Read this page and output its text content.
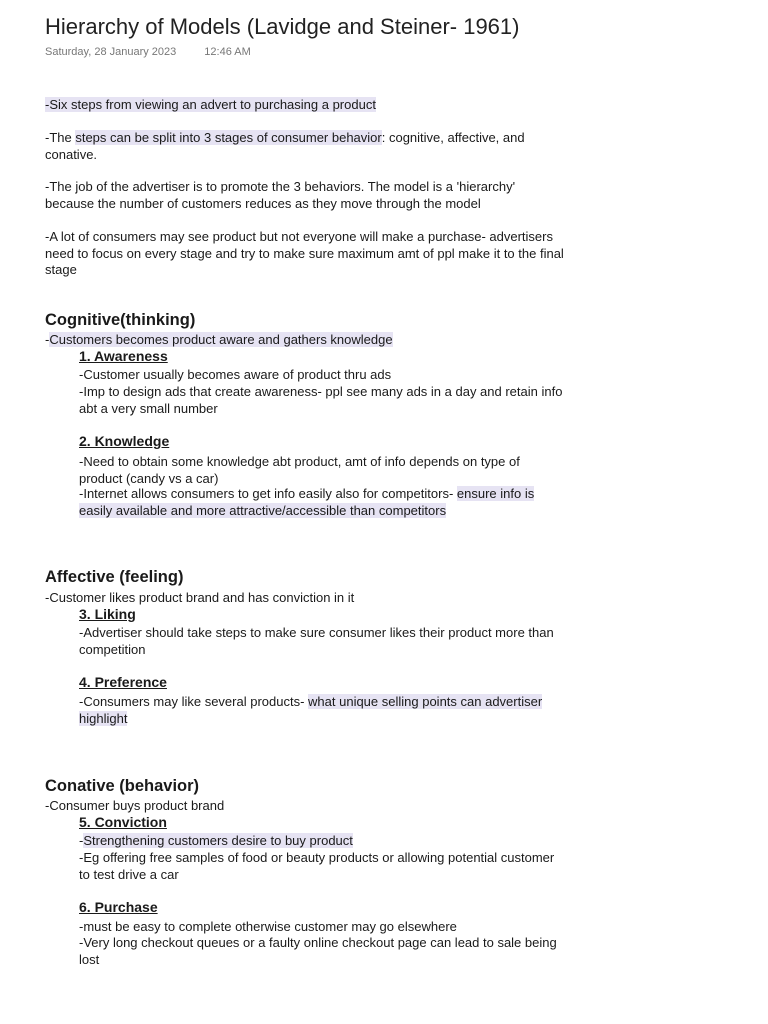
Hierarchy of Models (Lavidge and Steiner- 1961)
Saturday, 28 January 2023	12:46 AM

-Six steps from viewing an advert to purchasing a product

-The steps can be split into 3 stages of consumer behavior: cognitive, affective, and conative.

-The job of the advertiser is to promote the 3 behaviors. The model is a 'hierarchy' because the number of customers reduces as they move through the model

-A lot of consumers may see product but not everyone will make a purchase- advertisers need to focus on every stage and try to make sure maximum amt of ppl make it to the final stage

Cognitive(thinking)

-Customers becomes product aware and gathers knowledge

1. Awareness

-Customer usually becomes aware of product thru ads

-Imp to design ads that create awareness- ppl see many ads in a day and retain info abt a very small number

2. Knowledge

-Need to obtain some knowledge abt product, amt of info depends on type of product (candy vs a car)

-Internet allows consumers to get info easily also for competitors- ensure info is easily available and more attractive/accessible than competitors

Affective (feeling)

-Customer likes product brand and has conviction in it

3. Liking

-Advertiser should take steps to make sure consumer likes their product more than competition

4. Preference

-Consumers may like several products- what unique selling points can advertiser highlight

Conative (behavior)

-Consumer buys product brand

5. Conviction

-Strengthening customers desire to buy product

-Eg offering free samples of food or beauty products or allowing potential customer to test drive a car

6. Purchase

-must be easy to complete otherwise customer may go elsewhere

-Very long checkout queues or a faulty online checkout page can lead to sale being lost
